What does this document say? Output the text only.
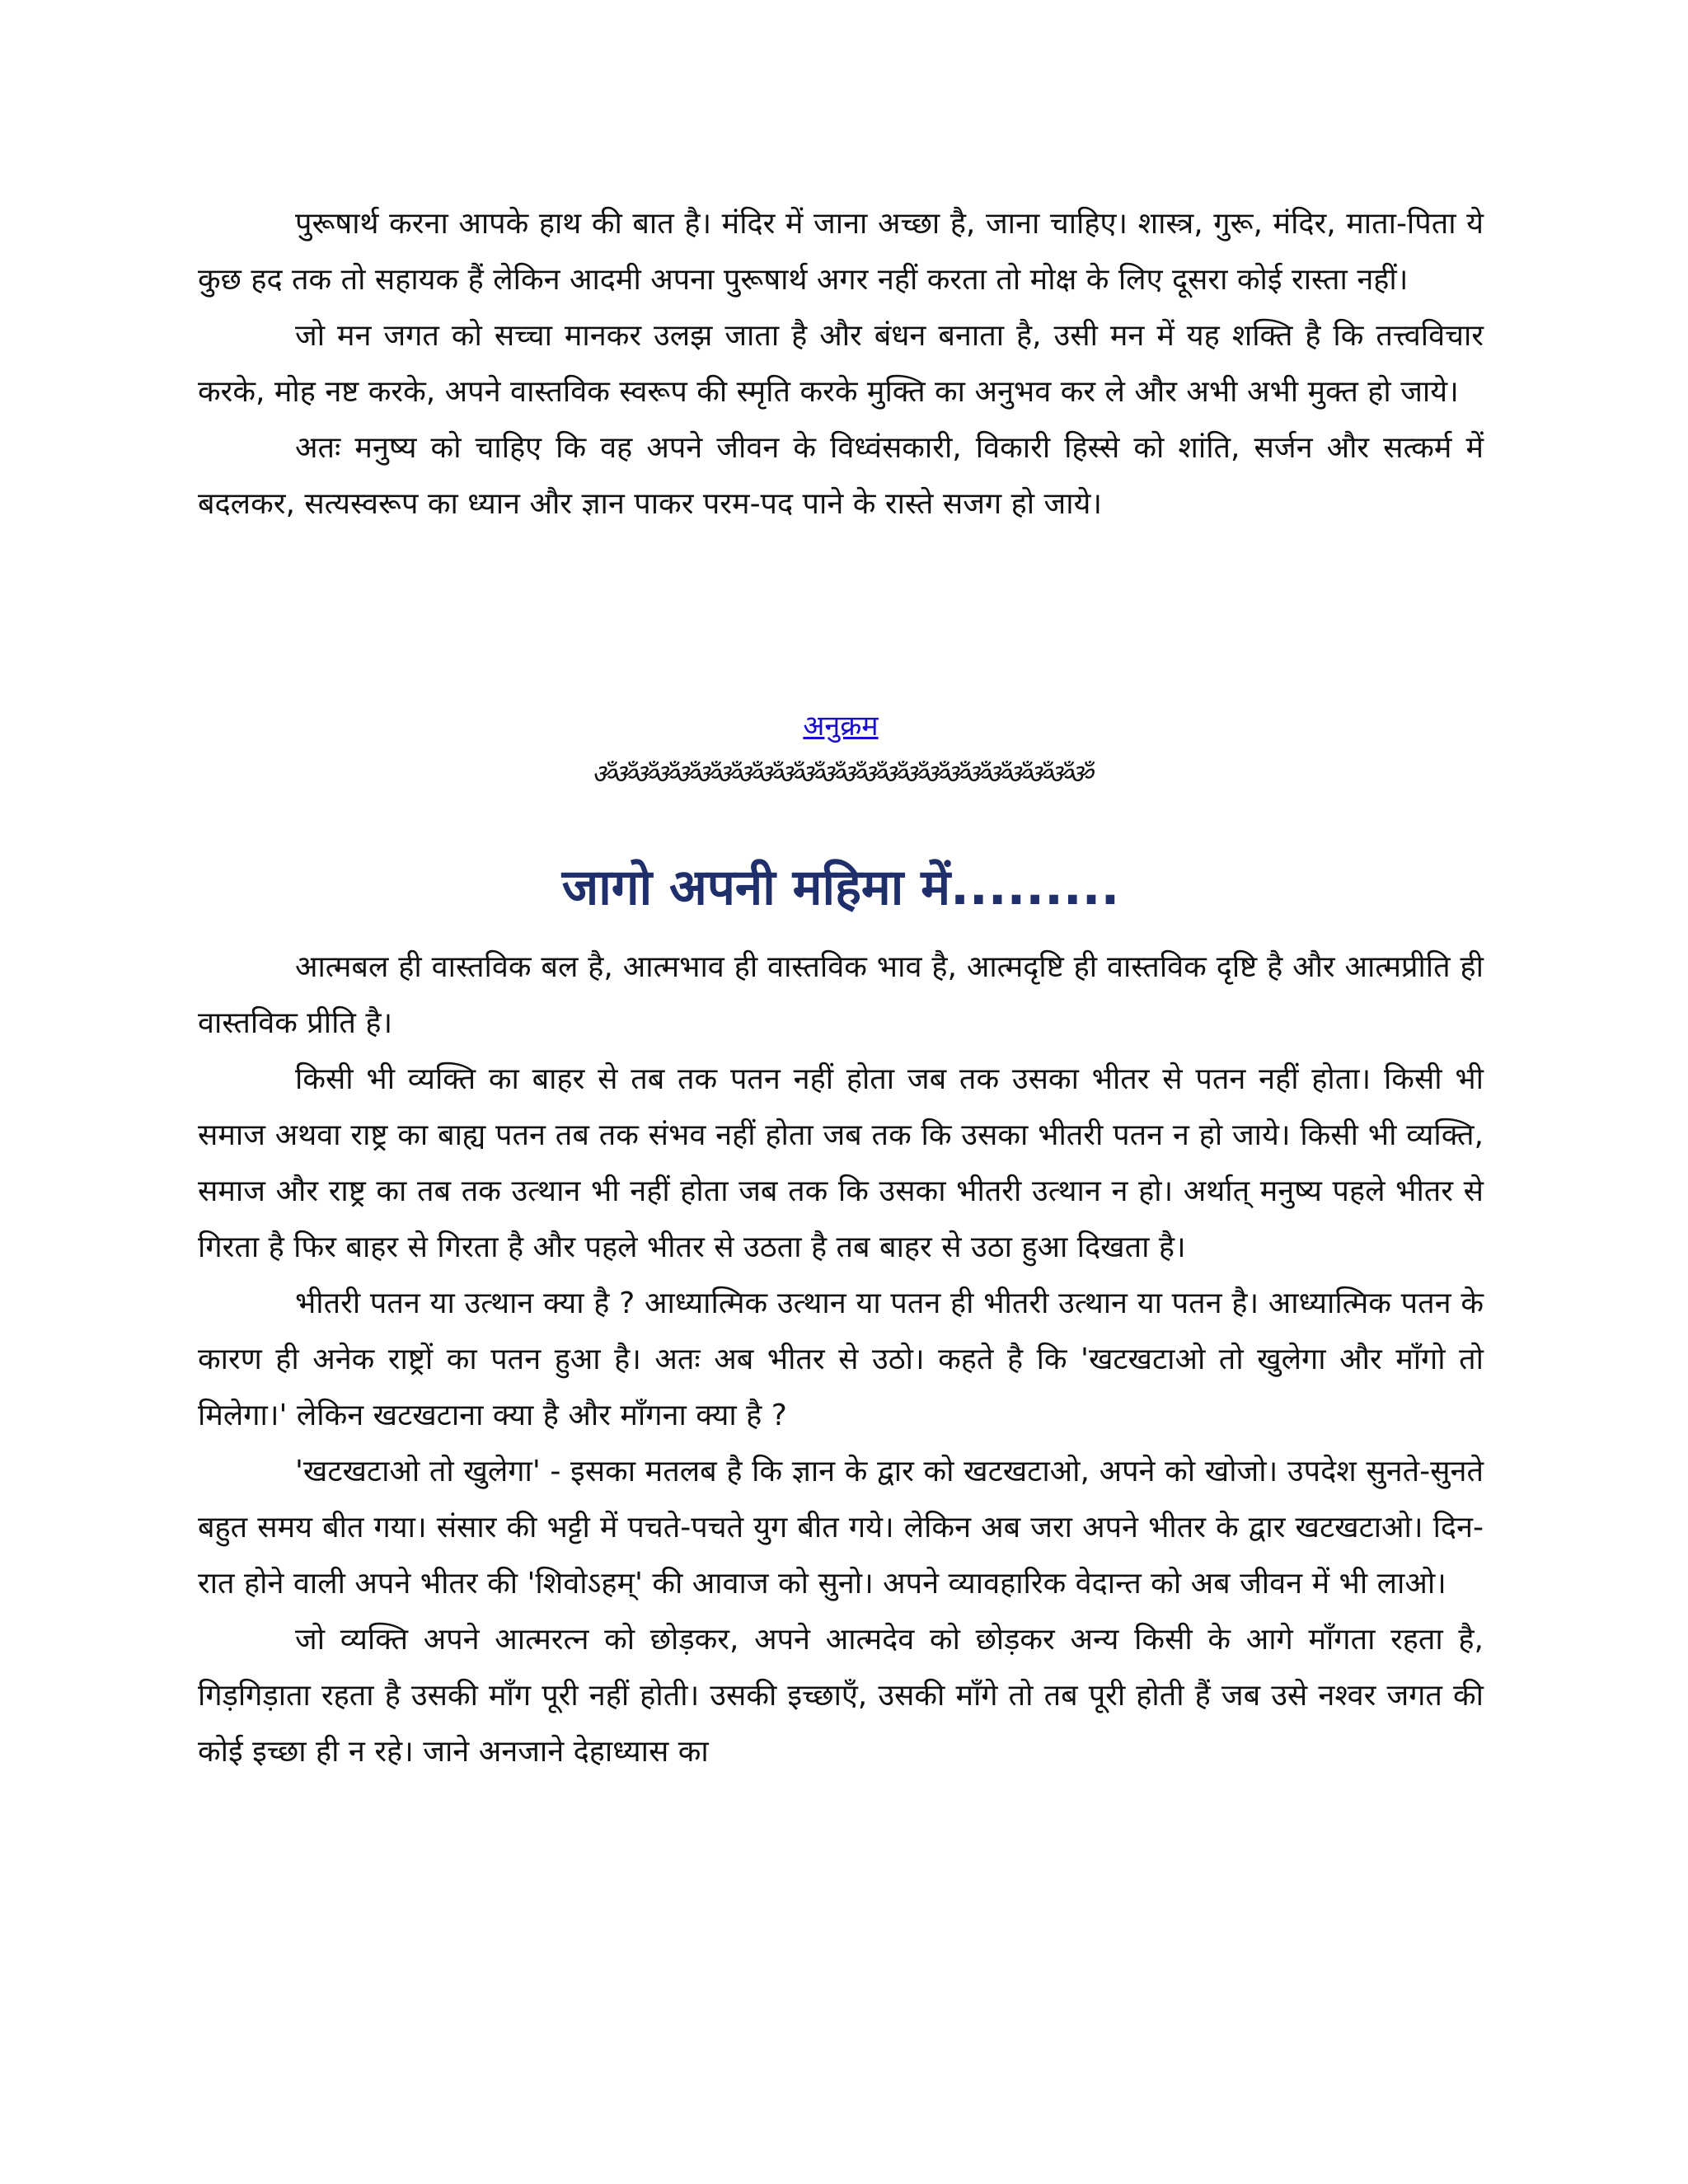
पुरूषार्थ करना आपके हाथ की बात है। मंदिर में जाना अच्छा है, जाना चाहिए। शास्त्र, गुरू, मंदिर, माता-पिता ये कुछ हद तक तो सहायक हैं लेकिन आदमी अपना पुरूषार्थ अगर नहीं करता तो मोक्ष के लिए दूसरा कोई रास्ता नहीं।

जो मन जगत को सच्चा मानकर उलझ जाता है और बंधन बनाता है, उसी मन में यह शक्ति है कि तत्त्वविचार करके, मोह नष्ट करके, अपने वास्तविक स्वरूप की स्मृति करके मुक्ति का अनुभव कर ले और अभी अभी मुक्त हो जाये।

अतः मनुष्य को चाहिए कि वह अपने जीवन के विध्वंसकारी, विकारी हिस्से को शांति, सर्जन और सत्कर्म में बदलकर, सत्यस्वरूप का ध्यान और ज्ञान पाकर परम-पद पाने के रास्ते सजग हो जाये।

अनुक्रम
ॐॐॐॐॐॐॐॐॐॐॐॐॐॐॐॐॐॐॐॐॐॐॐॐ
जागो अपनी महिमा में.........

आत्मबल ही वास्तविक बल है, आत्मभाव ही वास्तविक भाव है, आत्मदृष्टि ही वास्तविक दृष्टि है और आत्मप्रीति ही वास्तविक प्रीति है।

किसी भी व्यक्ति का बाहर से तब तक पतन नहीं होता जब तक उसका भीतर से पतन नहीं होता। किसी भी समाज अथवा राष्ट्र का बाह्य पतन तब तक संभव नहीं होता जब तक कि उसका भीतरी पतन न हो जाये। किसी भी व्यक्ति, समाज और राष्ट्र का तब तक उत्थान भी नहीं होता जब तक कि उसका भीतरी उत्थान न हो। अर्थात् मनुष्य पहले भीतर से गिरता है फिर बाहर से गिरता है और पहले भीतर से उठता है तब बाहर से उठा हुआ दिखता है।

भीतरी पतन या उत्थान क्या है ? आध्यात्मिक उत्थान या पतन ही भीतरी उत्थान या पतन है। आध्यात्मिक पतन के कारण ही अनेक राष्ट्रों का पतन हुआ है। अतः अब भीतर से उठो। कहते है कि 'खटखटाओ तो खुलेगा और माँगो तो मिलेगा।' लेकिन खटखटाना क्या है और माँगना क्या है ?

'खटखटाओ तो खुलेगा' - इसका मतलब है कि ज्ञान के द्वार को खटखटाओ, अपने को खोजो। उपदेश सुनते-सुनते बहुत समय बीत गया। संसार की भट्टी में पचते-पचते युग बीत गये। लेकिन अब जरा अपने भीतर के द्वार खटखटाओ। दिन-रात होने वाली अपने भीतर की 'शिवोऽहम्' की आवाज को सुनो। अपने व्यावहारिक वेदान्त को अब जीवन में भी लाओ।

जो व्यक्ति अपने आत्मरत्न को छोड़कर, अपने आत्मदेव को छोड़कर अन्य किसी के आगे माँगता रहता है, गिड़गिड़ाता रहता है उसकी माँग पूरी नहीं होती। उसकी इच्छाएँ, उसकी माँगे तो तब पूरी होती हैं जब उसे नश्वर जगत की कोई इच्छा ही न रहे। जाने अनजाने देहाध्यास का
